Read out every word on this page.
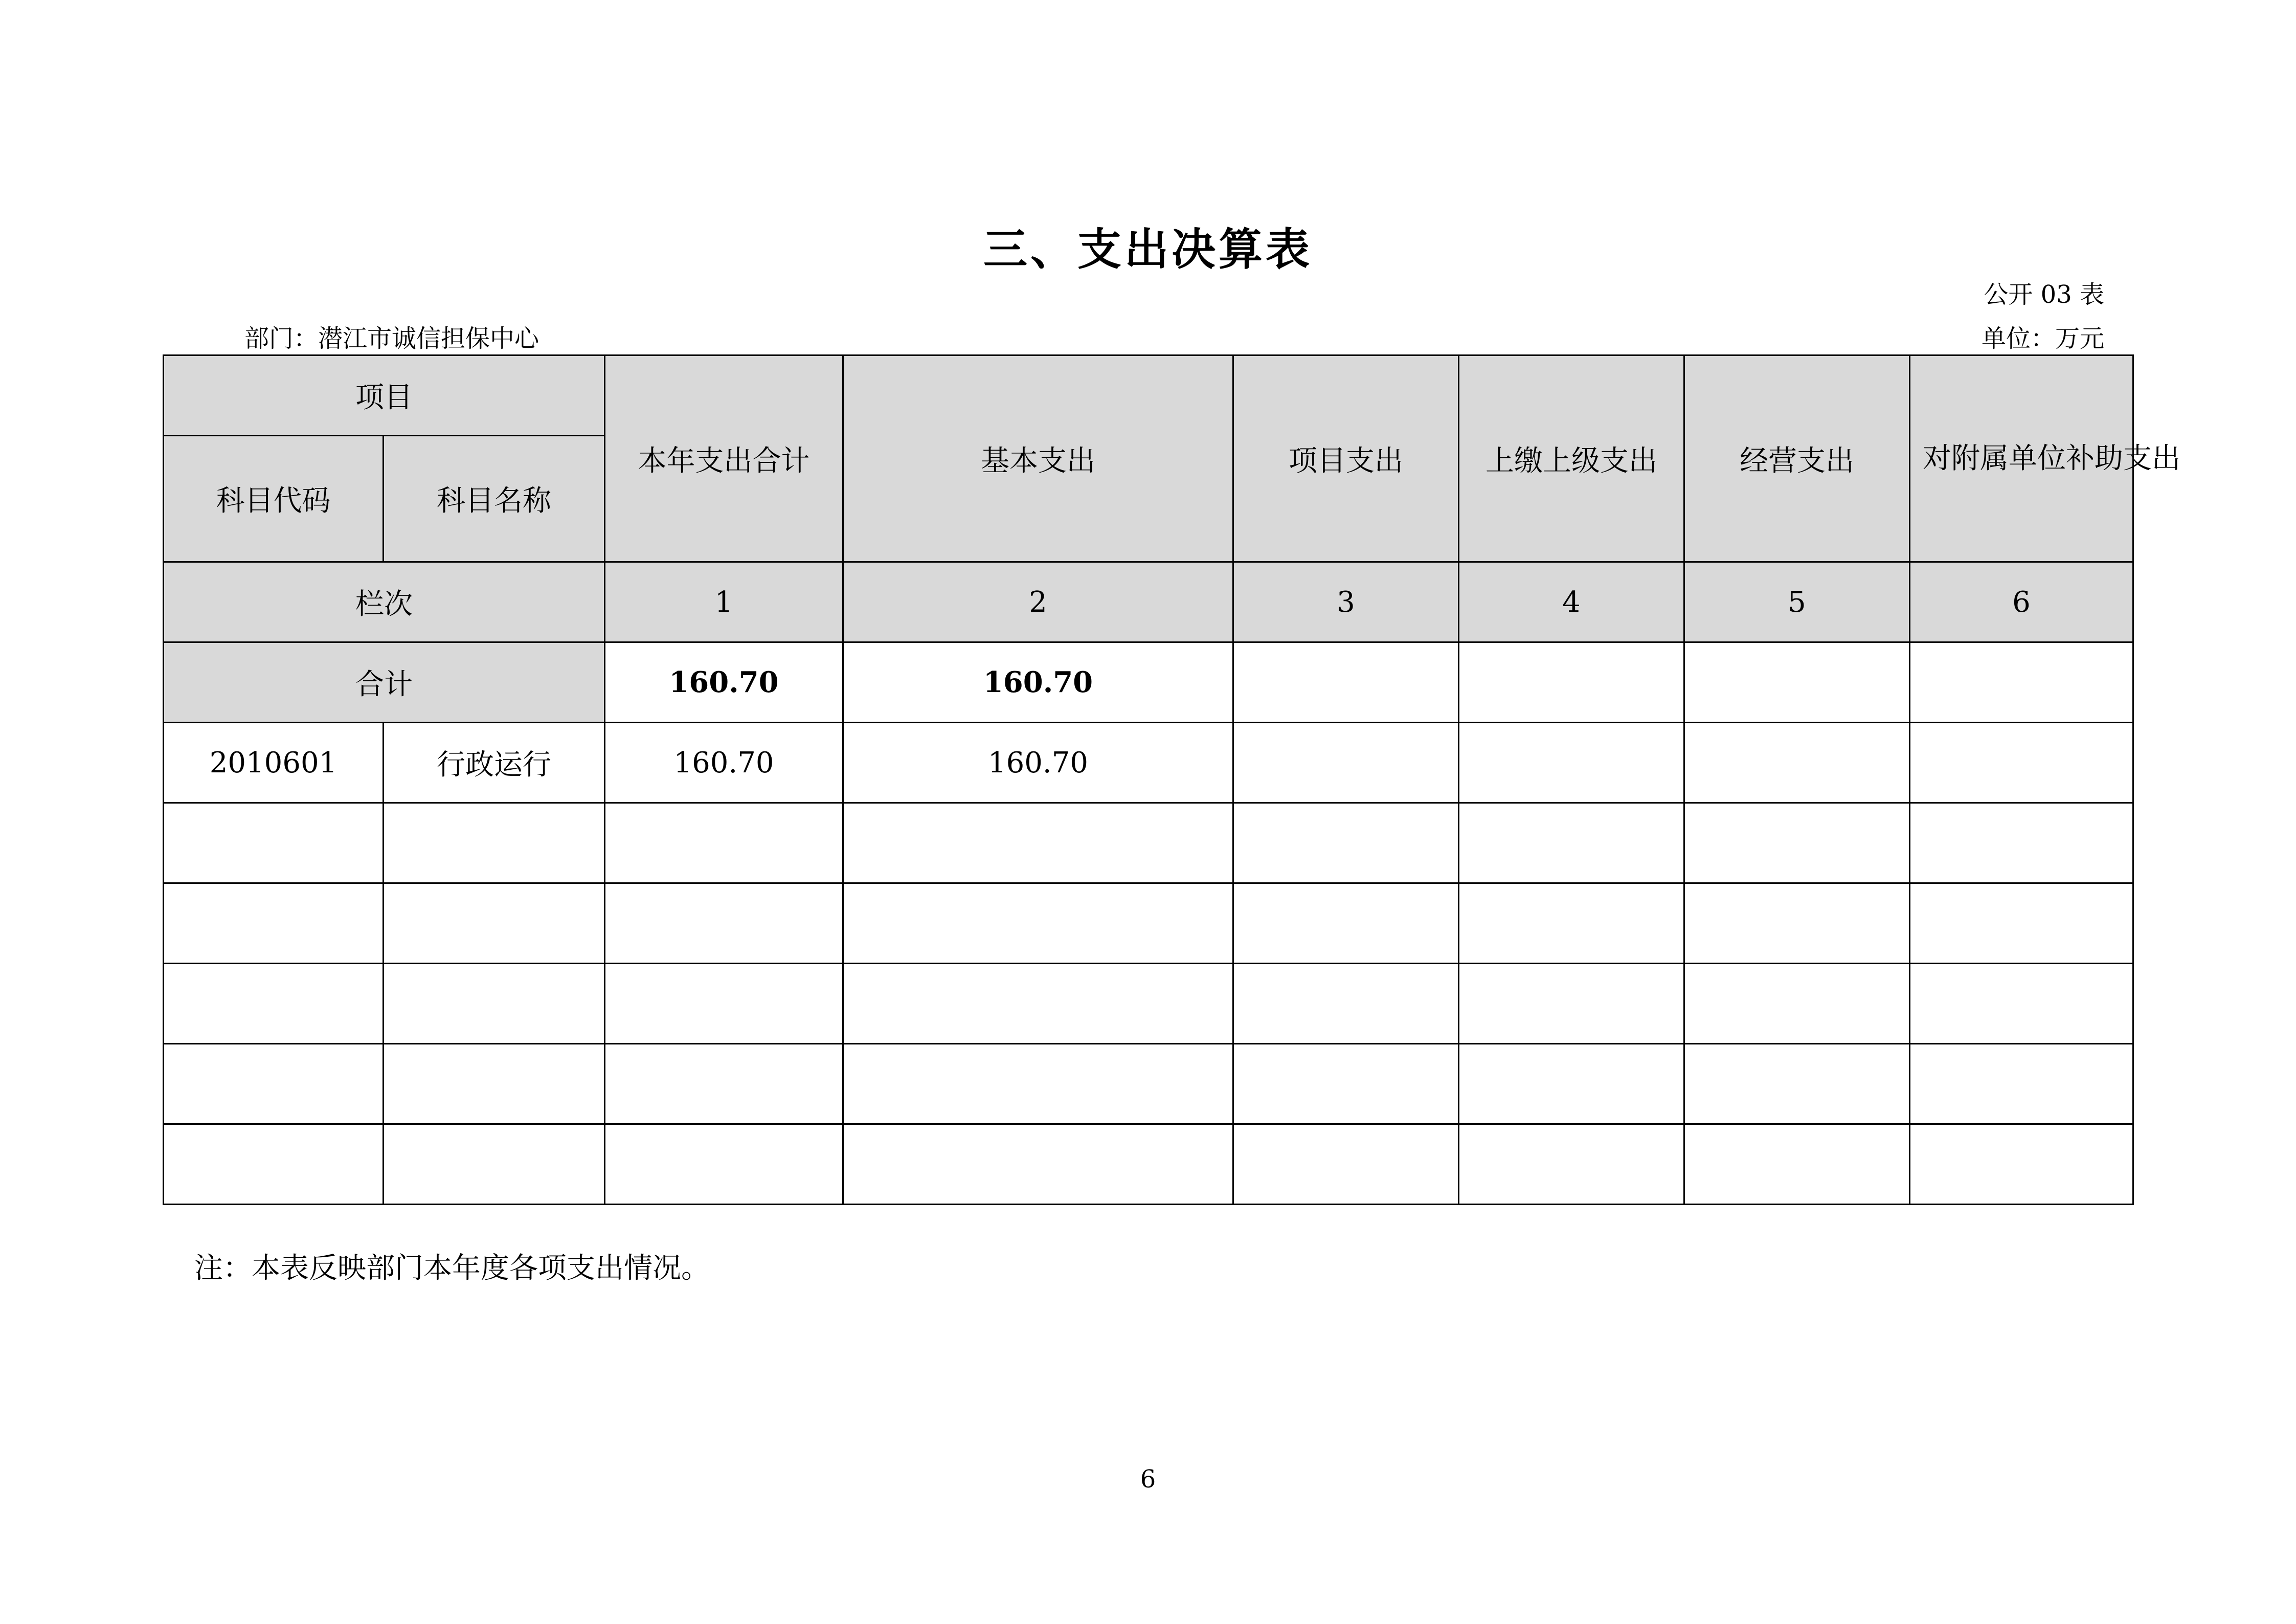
三、支出决算表
公开 03 表
部门：潜江市诚信担保中心	单位：万元
项目		本年支出合计	基本支出	项目支出	上缴上级支出	经营支出	对附属单位补助支出
科目代码	科目名称						
栏次		1	2	3	4	5	6
合计		160.70	160.70				
2010601	行政运行	160.70	160.70				

注：本表反映部门本年度各项支出情况。
6
